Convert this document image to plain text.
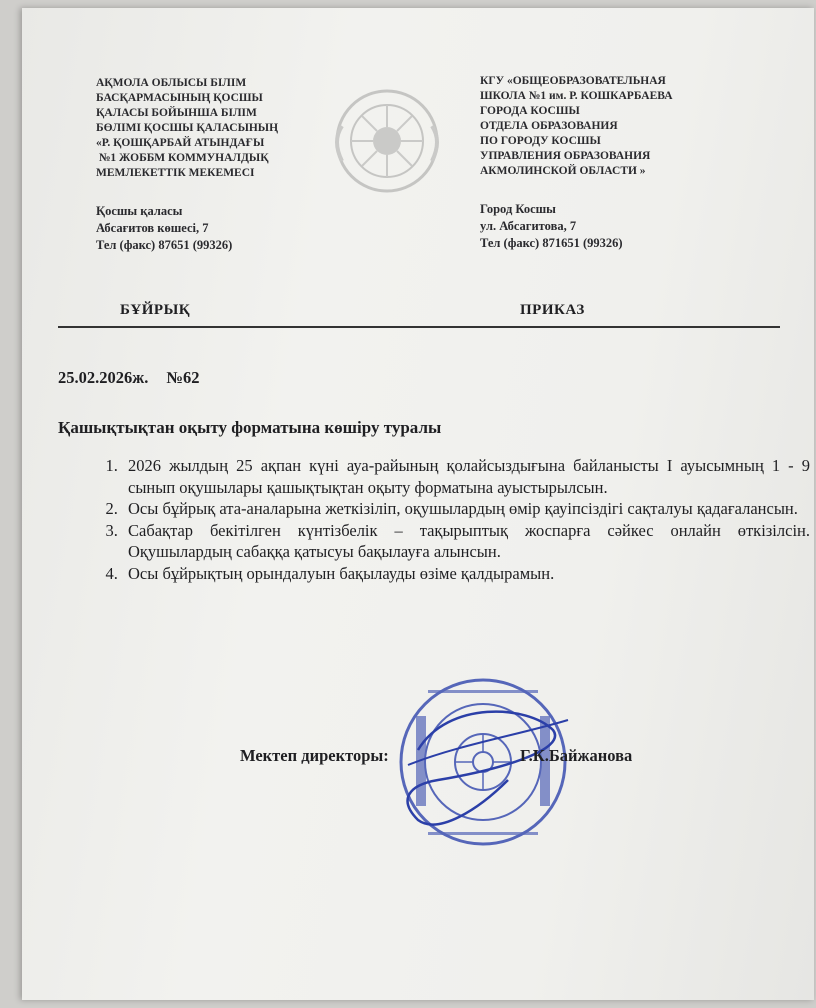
АҚМОЛА ОБЛЫСЫ БІЛІМ
БАСҚАРМАСЫНЫҢ ҚОСШЫ
ҚАЛАСЫ БОЙЫНША БІЛІМ
БӨЛІМІ ҚОСШЫ ҚАЛАСЫНЫҢ
«Р. ҚОШҚАРБАЙ АТЫНДАҒЫ
№1 ЖОББМ КОММУНАЛДЫҚ
МЕМЛЕКЕТТІК МЕКЕМЕСІ
Қосшы қаласы
Абсағитов көшесі, 7
Тел (факс) 87651 (99326)
КГУ «ОБЩЕОБРАЗОВАТЕЛЬНАЯ
ШКОЛА №1 им. Р. КОШКАРБАЕВА
ГОРОДА КОСШЫ
ОТДЕЛА ОБРАЗОВАНИЯ
ПО ГОРОДУ КОСШЫ
УПРАВЛЕНИЯ ОБРАЗОВАНИЯ
АКМОЛИНСКОЙ ОБЛАСТИ »
Город Косшы
ул. Абсагитова, 7
Тел (факс) 871651 (99326)
БҰЙРЫҚ	ПРИКАЗ
25.02.2026ж. №62
Қашықтықтан оқыту форматына көшіру туралы
1. 2026 жылдың 25 ақпан күні ауа-райының қолайсыздығына байланысты І ауысымның 1 - 9 сынып оқушылары қашықтықтан оқыту форматына ауыстырылсын.
2. Осы бұйрық ата-аналарына жеткізіліп, оқушылардың өмір қауіпсіздігі сақталуы қадағалансын.
3. Сабақтар бекітілген күнтізбелік – тақырыптық жоспарға сәйкес онлайн өткізілсін. Оқушылардың сабаққа қатысуы бақылауға алынсын.
4. Осы бұйрықтың орындалуын бақылауды өзіме қалдырамын.
Мектеп директоры:	Г.К.Байжанова
